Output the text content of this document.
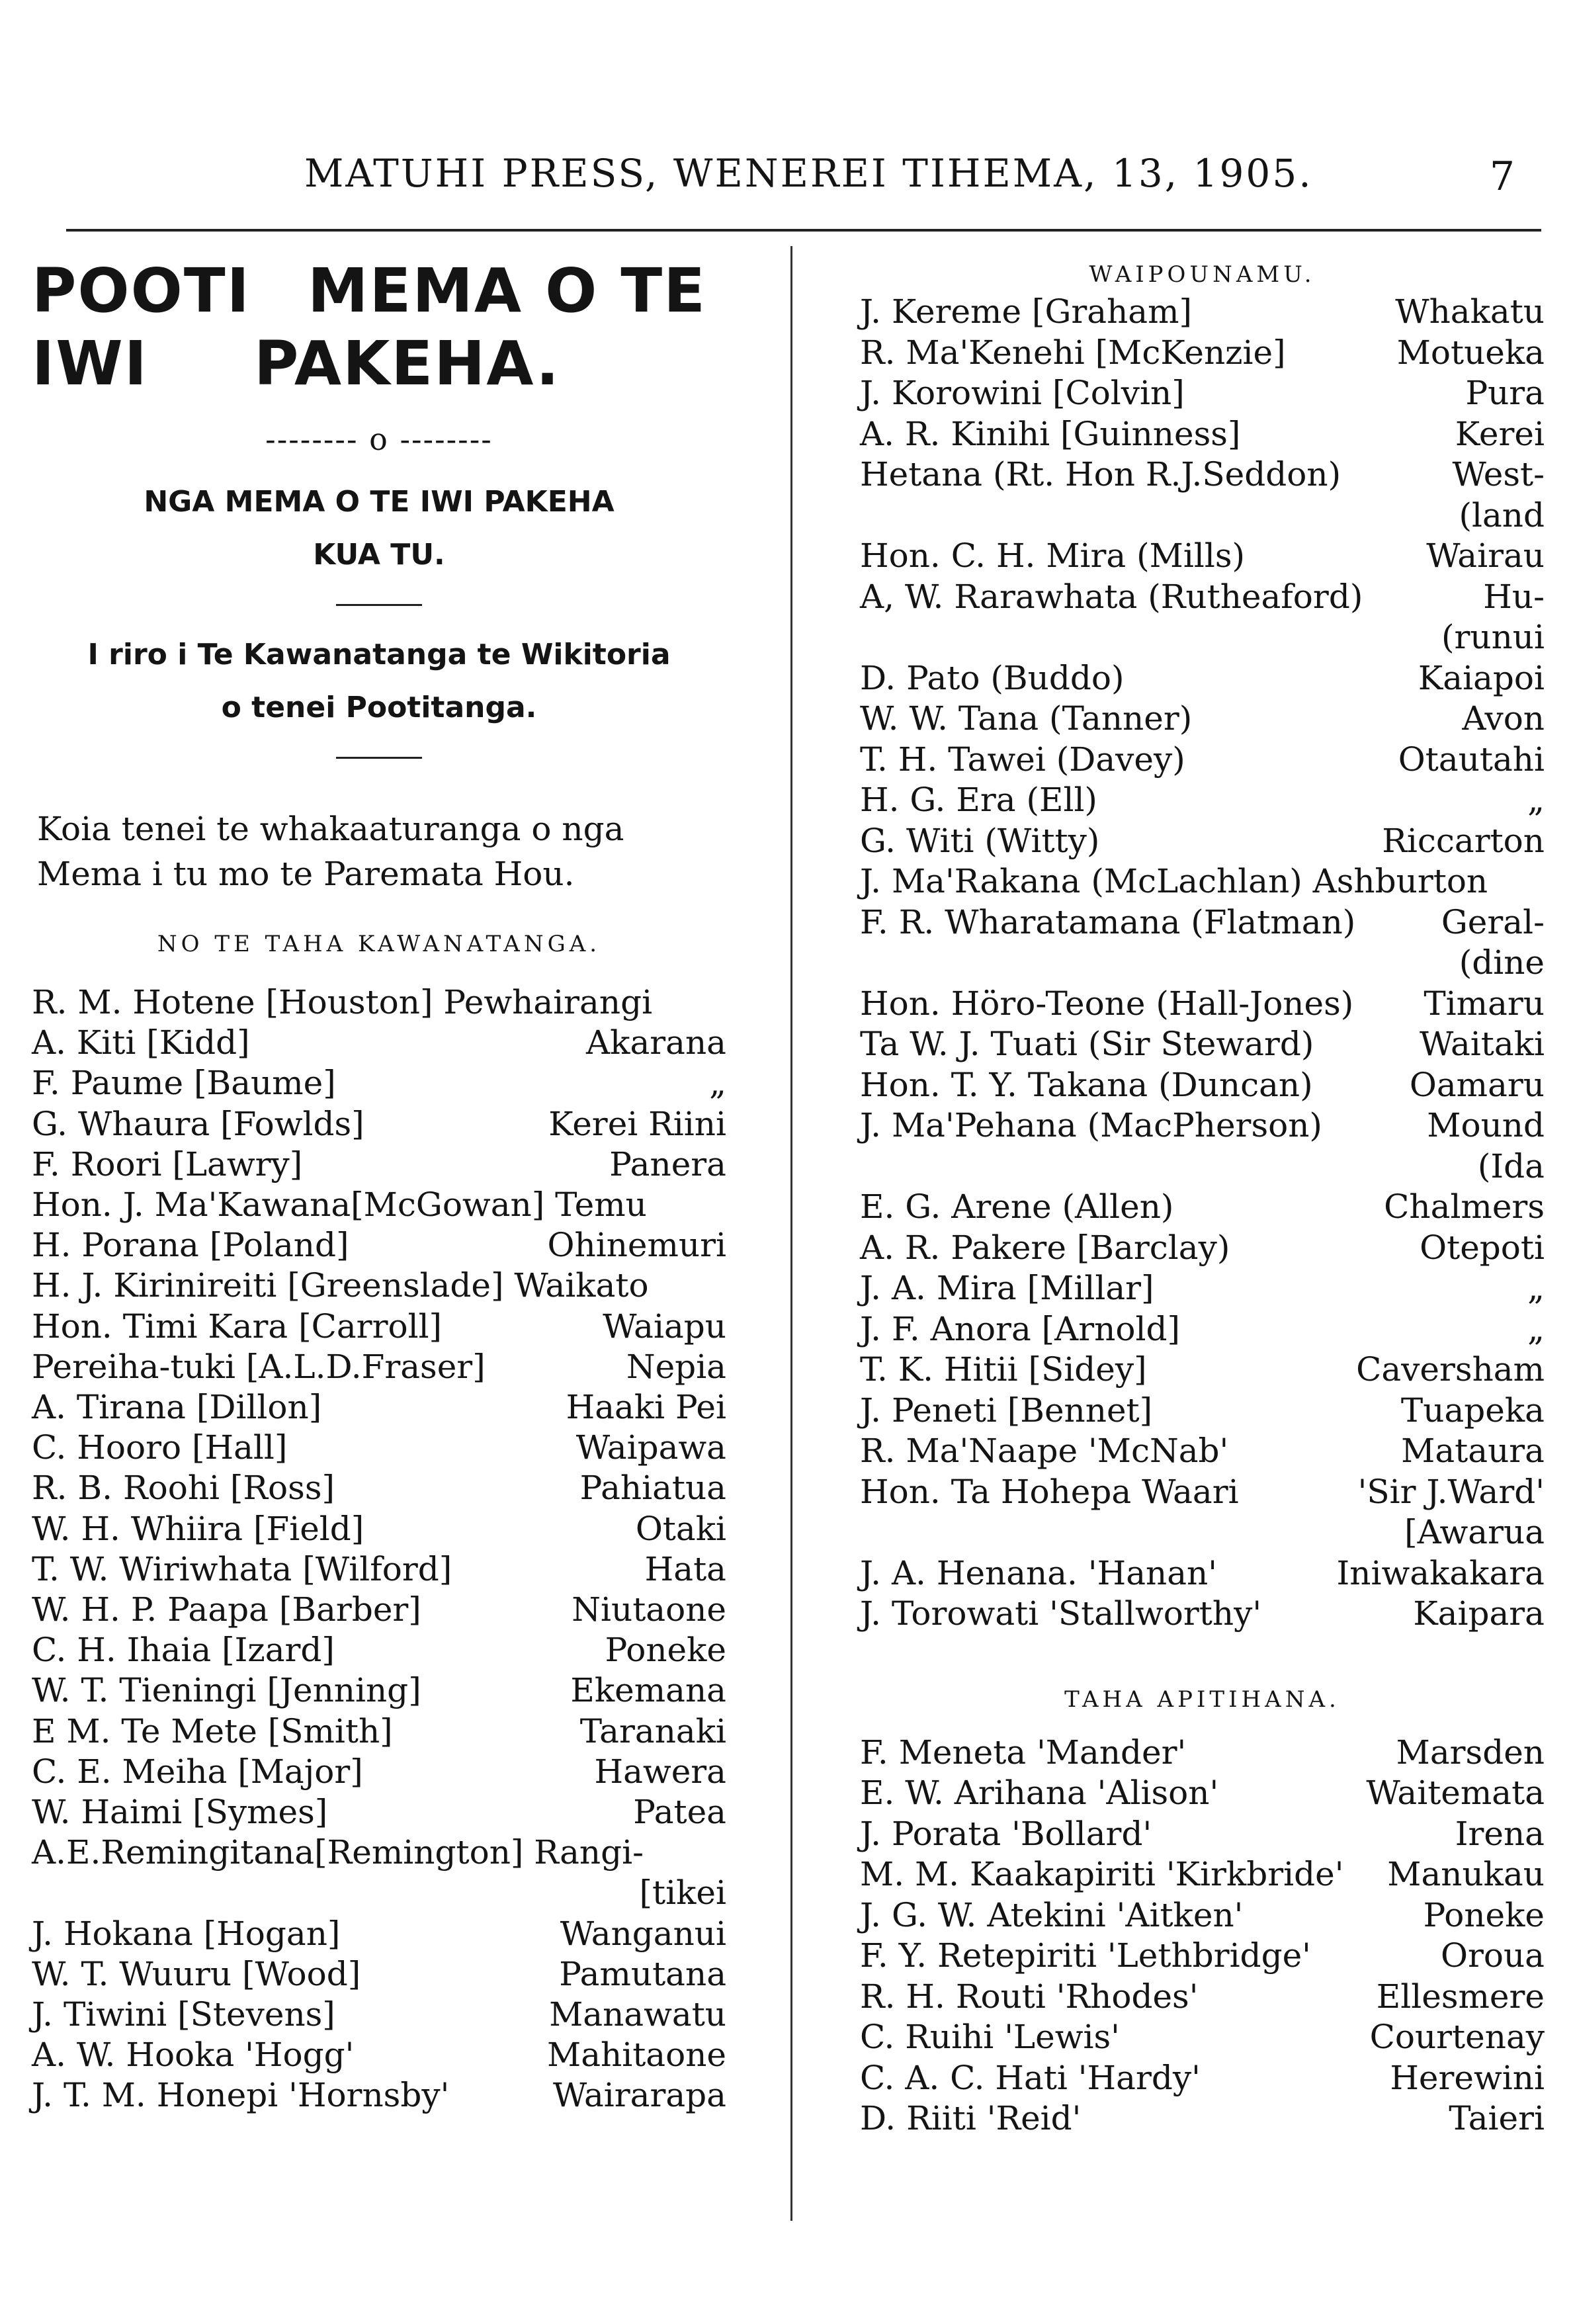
MATUHI PRESS, WENEREI TIHEMA, 13, 1905.	7
POOTI MEMA O TE
IWI PAKEHA.
-------- o --------
NGA MEMA O TE IWI PAKEHA
KUA TU.
I riro i Te Kawanatanga te Wikitoria
o tenei Pootitanga.
Koia tenei te whakaaturanga o nga
Mema i tu mo te Paremata Hou.
NO TE TAHA KAWANATANGA.
R. M. Hotene [Houston] Pewhairangi
A. Kiti [Kidd]	Akarana
F. Paume [Baume]	„
G. Whaura [Fowlds]	Kerei Riini
F. Roori [Lawry]	Panera
Hon. J. Ma'Kawana[McGowan] Temu
H. Porana [Poland]	Ohinemuri
H. J. Kirinireiti [Greenslade] Waikato
Hon. Timi Kara [Carroll]	Waiapu
Pereiha-tuki [A.L.D.Fraser]	Nepia
A. Tirana [Dillon]	Haaki Pei
C. Hooro [Hall]	Waipawa
R. B. Roohi [Ross]	Pahiatua
W. H. Whiira [Field]	Otaki
T. W. Wiriwhata [Wilford]	Hata
W. H. P. Paapa [Barber]	Niutaone
C. H. Ihaia [Izard]	Poneke
W. T. Tieningi [Jenning]	Ekemana
E M. Te Mete [Smith]	Taranaki
C. E. Meiha [Major]	Hawera
W. Haimi [Symes]	Patea
A.E.Remingitana[Remington] Rangi-
[tikei
J. Hokana [Hogan]	Wanganui
W. T. Wuuru [Wood]	Pamutana
J. Tiwini [Stevens]	Manawatu
A. W. Hooka 'Hogg'	Mahitaone
J. T. M. Honepi 'Hornsby'	Wairarapa
WAIPOUNAMU.
J. Kereme [Graham]	Whakatu
R. Ma'Kenehi [McKenzie]	Motueka
J. Korowini [Colvin]	Pura
A. R. Kinihi [Guinness]	Kerei
Hetana (Rt. Hon R.J.Seddon)	West-
(land
Hon. C. H. Mira (Mills)	Wairau
A, W. Rarawhata (Rutheaford)	Hu-
(runui
D. Pato (Buddo)	Kaiapoi
W. W. Tana (Tanner)	Avon
T. H. Tawei (Davey)	Otautahi
H. G. Era (Ell)	„
G. Witi (Witty)	Riccarton
J. Ma'Rakana (McLachlan) Ashburton
F. R. Wharatamana (Flatman)	Geral-
(dine
Hon. Höro-Teone (Hall-Jones) Timaru
Ta W. J. Tuati (Sir Steward)	Waitaki
Hon. T. Y. Takana (Duncan)	Oamaru
J. Ma'Pehana (MacPherson)	Mound
(Ida
E. G. Arene (Allen)	Chalmers
A. R. Pakere [Barclay)	Otepoti
J. A. Mira [Millar]	„
J. F. Anora [Arnold]	„
T. K. Hitii [Sidey]	Caversham
J. Peneti [Bennet]	Tuapeka
R. Ma'Naape 'McNab'	Mataura
Hon. Ta Hohepa Waari	'Sir J.Ward'
[Awarua
J. A. Henana. 'Hanan'	Iniwakakara
J. Torowati 'Stallworthy'	Kaipara
TAHA APITIHANA.
F. Meneta 'Mander'	Marsden
E. W. Arihana 'Alison'	Waitemata
J. Porata 'Bollard'	Irena
M. M. Kaakapiriti 'Kirkbride' Manukau
J. G. W. Atekini 'Aitken'	Poneke
F. Y. Retepiriti 'Lethbridge'	Oroua
R. H. Routi 'Rhodes'	Ellesmere
C. Ruihi 'Lewis'	Courtenay
C. A. C. Hati 'Hardy'	Herewini
D. Riiti 'Reid'	Taieri
